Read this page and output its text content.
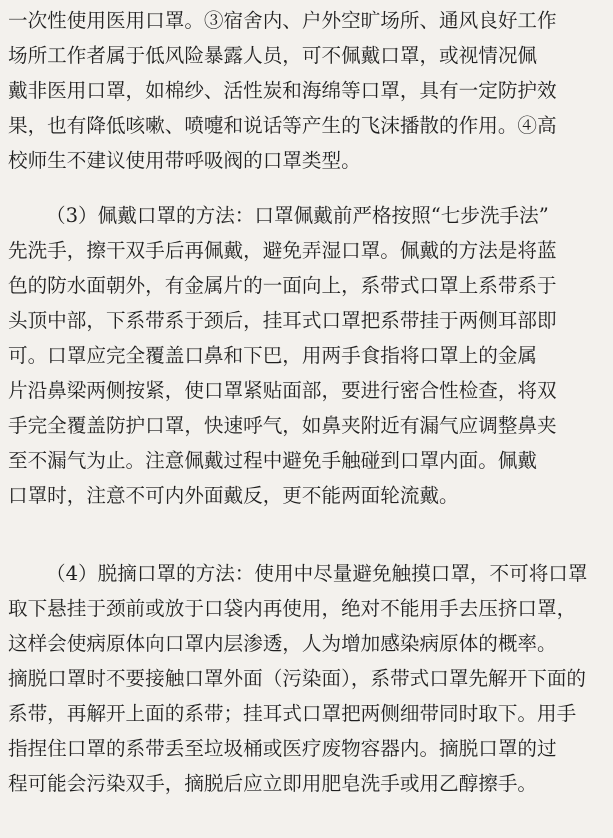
一次性使用医用口罩。③宿舍内、户外空旷场所、通风良好工作
场所工作者属于低风险暴露人员，可不佩戴口罩，或视情况佩
戴非医用口罩，如棉纱、活性炭和海绵等口罩，具有一定防护效
果，也有降低咳嗽、喷嚏和说话等产生的飞沫播散的作用。④高
校师生不建议使用带呼吸阀的口罩类型。
（3）佩戴口罩的方法：口罩佩戴前严格按照“七步洗手法”
先洗手，擦干双手后再佩戴，避免弄湿口罩。佩戴的方法是将蓝
色的防水面朝外，有金属片的一面向上，系带式口罩上系带系于
头顶中部，下系带系于颈后，挂耳式口罩把系带挂于两侧耳部即
可。口罩应完全覆盖口鼻和下巴，用两手食指将口罩上的金属
片沿鼻梁两侧按紧，使口罩紧贴面部，要进行密合性检查，将双
手完全覆盖防护口罩，快速呼气，如鼻夹附近有漏气应调整鼻夹
至不漏气为止。注意佩戴过程中避免手触碰到口罩内面。佩戴
口罩时，注意不可内外面戴反，更不能两面轮流戴。
（4）脱摘口罩的方法：使用中尽量避免触摸口罩，不可将口罩
取下悬挂于颈前或放于口袋内再使用，绝对不能用手去压挤口罩，
这样会使病原体向口罩内层渗透，人为增加感染病原体的概率。
摘脱口罩时不要接触口罩外面（污染面），系带式口罩先解开下面的
系带，再解开上面的系带；挂耳式口罩把两侧细带同时取下。用手
指捏住口罩的系带丢至垃圾桶或医疗废物容器内。摘脱口罩的过
程可能会污染双手，摘脱后应立即用肥皂洗手或用乙醇擦手。
